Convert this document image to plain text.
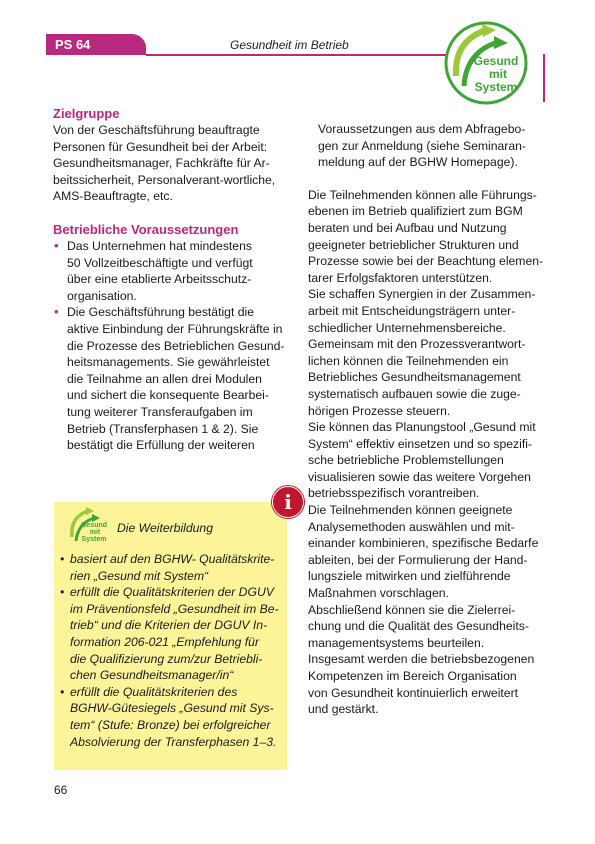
PS 64	Gesundheit im Betrieb
Gesund
mit
System
Zielgruppe

Von der Geschäftsführung beauftragte
Personen für Gesundheit bei der Arbeit:
Gesundheitsmanager, Fachkräfte für Ar-
beitssicherheit, Personalverant-wortliche,
AMS-Beauftragte, etc.

Betriebliche Voraussetzungen
• Das Unternehmen hat mindestens
50 Vollzeitbeschäftigte und verfügt
über eine etablierte Arbeitsschutz-
organisation.
• Die Geschäftsführung bestätigt die
aktive Einbindung der Führungskräfte in
die Prozesse des Betrieblichen Gesund-
heitsmanagements. Sie gewährleistet
die Teilnahme an allen drei Modulen
und sichert die konsequente Bearbei-
tung weiterer Transferaufgaben im
Betrieb (Transferphasen 1 & 2). Sie
bestätigt die Erfüllung der weiteren
i
Gesund
mit
System
Die Weiterbildung
• basiert auf den BGHW- Qualitätskrite-
rien „Gesund mit System“
• erfüllt die Qualitätskriterien der DGUV
im Präventionsfeld „Gesundheit im Be-
trieb“ und die Kriterien der DGUV In-
formation 206-021 „Empfehlung für
die Qualifizierung zum/zur Betriebli-
chen Gesundheitsmanager/in“
• erfüllt die Qualitätskriterien des
BGHW-Gütesiegels „Gesund mit Sys-
tem“ (Stufe: Bronze) bei erfolgreicher
Absolvierung der Transferphasen 1–3.

Voraussetzungen aus dem Abfragebo-
gen zur Anmeldung (siehe Seminaran-
meldung auf der BGHW Homepage).

Die Teilnehmenden können alle Führungs-
ebenen im Betrieb qualifiziert zum BGM
beraten und bei Aufbau und Nutzung
geeigneter betrieblicher Strukturen und
Prozesse sowie bei der Beachtung elemen-
tarer Erfolgsfaktoren unterstützen.
Sie schaffen Synergien in der Zusammen-
arbeit mit Entscheidungsträgern unter-
schiedlicher Unternehmensbereiche.
Gemeinsam mit den Prozessverantwort-
lichen können die Teilnehmenden ein
Betriebliches Gesundheitsmanagement
systematisch aufbauen sowie die zuge-
hörigen Prozesse steuern.
Sie können das Planungstool „Gesund mit
System“ effektiv einsetzen und so spezifi-
sche betriebliche Problemstellungen
visualisieren sowie das weitere Vorgehen
betriebsspezifisch vorantreiben.
Die Teilnehmenden können geeignete
Analysemethoden auswählen und mit-
einander kombinieren, spezifische Bedarfe
ableiten, bei der Formulierung der Hand-
lungsziele mitwirken und zielführende
Maßnahmen vorschlagen.
Abschließend können sie die Zielerrei-
chung und die Qualität des Gesundheits-
managementsystems beurteilen.
Insgesamt werden die betriebsbezogenen
Kompetenzen im Bereich Organisation
von Gesundheit kontinuierlich erweitert
und gestärkt.

66
